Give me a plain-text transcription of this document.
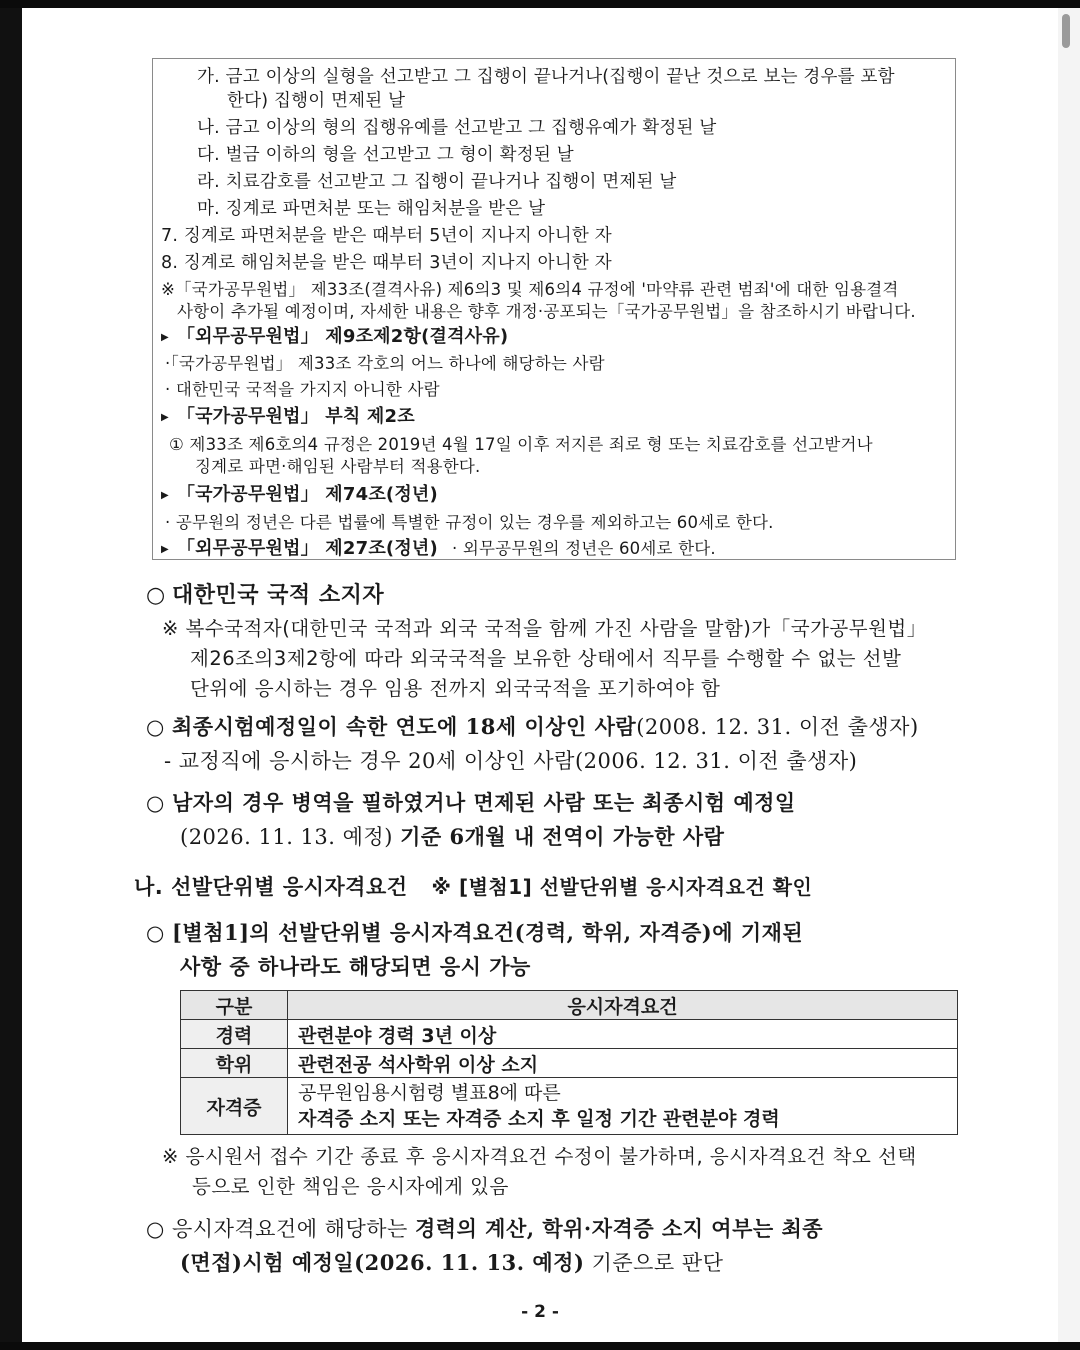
가. 금고 이상의 실형을 선고받고 그 집행이 끝나거나(집행이 끝난 것으로 보는 경우를 포함
한다) 집행이 면제된 날
나. 금고 이상의 형의 집행유예를 선고받고 그 집행유예가 확정된 날
다. 벌금 이하의 형을 선고받고 그 형이 확정된 날
라. 치료감호를 선고받고 그 집행이 끝나거나 집행이 면제된 날
마. 징계로 파면처분 또는 해임처분을 받은 날
7. 징계로 파면처분을 받은 때부터 5년이 지나지 아니한 자
8. 징계로 해임처분을 받은 때부터 3년이 지나지 아니한 자
※「국가공무원법」 제33조(결격사유) 제6의3 및 제6의4 규정에 '마약류 관련 범죄'에 대한 임용결격
사항이 추가될 예정이며, 자세한 내용은 향후 개정·공포되는「국가공무원법」을 참조하시기 바랍니다.
▶ 「외무공무원법」 제9조제2항(결격사유)
·「국가공무원법」 제33조 각호의 어느 하나에 해당하는 사람
· 대한민국 국적을 가지지 아니한 사람
▶ 「국가공무원법」 부칙 제2조
① 제33조 제6호의4 규정은 2019년 4월 17일 이후 저지른 죄로 형 또는 치료감호를 선고받거나
징계로 파면·해임된 사람부터 적용한다.
▶ 「국가공무원법」 제74조(정년)
· 공무원의 정년은 다른 법률에 특별한 규정이 있는 경우를 제외하고는 60세로 한다.
▶ 「외무공무원법」 제27조(정년) · 외무공무원의 정년은 60세로 한다.
○ 대한민국 국적 소지자
※ 복수국적자(대한민국 국적과 외국 국적을 함께 가진 사람을 말함)가「국가공무원법」
제26조의3제2항에 따라 외국국적을 보유한 상태에서 직무를 수행할 수 없는 선발
단위에 응시하는 경우 임용 전까지 외국국적을 포기하여야 함
○ 최종시험예정일이 속한 연도에 18세 이상인 사람(2008. 12. 31. 이전 출생자)
- 교정직에 응시하는 경우 20세 이상인 사람(2006. 12. 31. 이전 출생자)
○ 남자의 경우 병역을 필하였거나 면제된 사람 또는 최종시험 예정일
(2026. 11. 13. 예정) 기준 6개월 내 전역이 가능한 사람
나. 선발단위별 응시자격요건 ※ [별첨1] 선발단위별 응시자격요건 확인
○ [별첨1]의 선발단위별 응시자격요건(경력, 학위, 자격증)에 기재된
사항 중 하나라도 해당되면 응시 가능
구분	응시자격요건
경력	관련분야 경력 3년 이상
학위	관련전공 석사학위 이상 소지
자격증	공무원임용시험령 별표8에 따른
자격증 소지 또는 자격증 소지 후 일정 기간 관련분야 경력
※ 응시원서 접수 기간 종료 후 응시자격요건 수정이 불가하며, 응시자격요건 착오 선택
등으로 인한 책임은 응시자에게 있음
○ 응시자격요건에 해당하는 경력의 계산, 학위·자격증 소지 여부는 최종
(면접)시험 예정일(2026. 11. 13. 예정) 기준으로 판단
- 2 -
